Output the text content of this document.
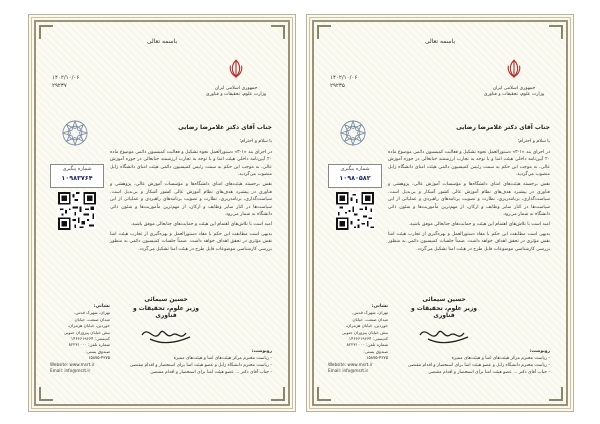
باسمه تعالی
جمهوری اسلامی ایران
وزارت علوم، تحقیقات و فناوری
۱۴۰۲/۱۰/۰۶
۲۹۲۳۷
جناب آقای دکتر غلامرضا رضایی
شماره پیگیری
۱۰۹۸۳۷۶۴

با سلام و احترام؛

در اجرای بند «۱-۳» دستورالعمل نحوه تشکیل و فعالیت کمیسیون دائمی موضوع ماده ۲۰ آیین‌نامه داخلی هیئت امنا و با توجه به تجارب ارزشمند جنابعالی در حوزه آموزش عالی، به موجب این حکم به سمت رئیس کمیسیون دائمی هیئت امنای دانشگاه زابل منصوب می‌گردید.

نقش برجسته هیئت‌های امنای دانشگاه‌ها و مؤسسات آموزش عالی، پژوهشی و فناوری در پیشبرد هدف‌های نظام آموزش عالی کشور آشکار و بی‌بدیل است. سیاست‌گذاری، برنامه‌ریزی، نظارت و تصویب برنامه‌های راهبردی و عملیاتی از این سیاست‌ها در کنار سایر وظایف و ارکان، از مهم‌ترین مأموریت‌ها و شئون ذاتی دانشگاه به شمار می‌رود.

امید است با تلاش‌های اهتمام این هیئت و حمایت‌های جنابعالی موفق باشید.

بدیهی است مطابقت این حکم با مفاد دستورالعمل و بهره‌گیری از تجارب هیئت امنا نقش مؤثری در تحقق اهداف خواهد داشت. ضمناً جلسات کمیسیون دائمی به منظور بررسی کارشناسی موضوعات قابل طرح در هیئت امنا تشکیل می‌گردد.

حسین سیمائی
وزیر علوم، تحقیقات و فناوری
نشانی:
تهران، شهرک قدس،
میدان صنعت، خیابان
خوردین، خیابان هرمزان،
نبش خیابان پیروزان جنوبی
کدپستی: ۱۴۶۶۶۱۹۶۶۴
شماره تلفن: ۸۲۲۳۱۰۰۰
صندوق پستی:
۱۵۸۷۵-۴۳۷۵
Website: www.msrt.ir
Email: info@msrt.ir
رونوشت:
- ریاست محترم مرکز هیئت‌های امنا و هیئت‌های ممیزه
- ریاست محترم دانشگاه زابل و عضو هیئت امنا برای استحضار و اقدام مقتضی
- جناب آقای دکتر ... عضو هیئت امنا برای استحضار و اقدام مقتضی
باسمه تعالی
جمهوری اسلامی ایران
وزارت علوم، تحقیقات و فناوری
۱۴۰۲/۱۰/۰۶
۲۹۲۳۵
جناب آقای دکتر غلامرضا رضایی
شماره پیگیری
۱۰۹۸۰۵۸۲

با سلام و احترام؛

در اجرای بند «۱-۳» دستورالعمل نحوه تشکیل و فعالیت کمیسیون دائمی موضوع ماده ۲۰ آیین‌نامه داخلی هیئت امنا و با توجه به تجارب ارزشمند جنابعالی در حوزه آموزش عالی، به موجب این حکم به سمت رئیس کمیسیون دائمی هیئت امنای دانشگاه زابل منصوب می‌گردید.

نقش برجسته هیئت‌های امنای دانشگاه‌ها و مؤسسات آموزش عالی، پژوهشی و فناوری در پیشبرد هدف‌های نظام آموزش عالی کشور آشکار و بی‌بدیل است. سیاست‌گذاری، برنامه‌ریزی، نظارت و تصویب برنامه‌های راهبردی و عملیاتی از این سیاست‌ها در کنار سایر وظایف و ارکان، از مهم‌ترین مأموریت‌ها و شئون ذاتی دانشگاه به شمار می‌رود.

امید است با تلاش‌های اهتمام این هیئت و حمایت‌های جنابعالی موفق باشید.

بدیهی است مطابقت این حکم با مفاد دستورالعمل و بهره‌گیری از تجارب هیئت امنا نقش مؤثری در تحقق اهداف خواهد داشت. ضمناً جلسات کمیسیون دائمی به منظور بررسی کارشناسی موضوعات قابل طرح در هیئت امنا تشکیل می‌گردد.

حسین سیمائی
وزیر علوم، تحقیقات و فناوری
نشانی:
تهران، شهرک قدس،
میدان صنعت، خیابان
خوردین، خیابان هرمزان،
نبش خیابان پیروزان جنوبی
کدپستی: ۱۴۶۶۶۱۹۶۶۴
شماره تلفن: ۸۲۲۳۱۰۰۰
صندوق پستی:
۱۵۸۷۵-۴۳۷۵
Website: www.msrt.ir
Email: info@msrt.ir
رونوشت:
- ریاست محترم مرکز هیئت‌های امنا و هیئت‌های ممیزه
- ریاست محترم دانشگاه زابل و عضو هیئت امنا برای استحضار و اقدام مقتضی
- جناب آقای دکتر ... عضو هیئت امنا برای استحضار و اقدام مقتضی
